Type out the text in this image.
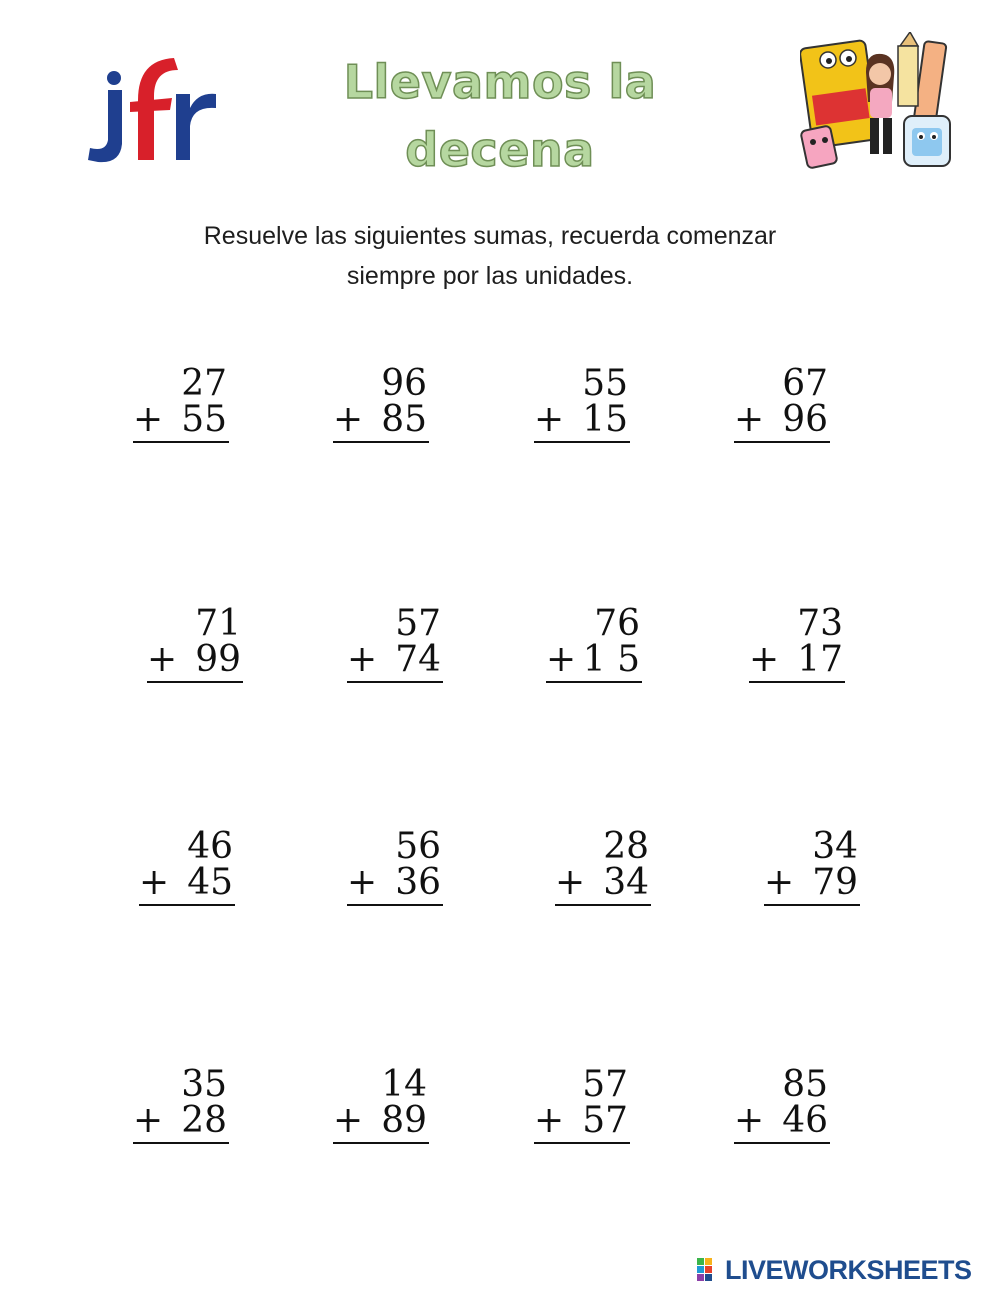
Llevamos la
decena
Resuelve las siguientes sumas, recuerda comenzar
siempre por las unidades.
27
+ 55
96
+ 85
55
+ 15
67
+ 96
71
+ 99
57
+ 74
76
+ 1 5
73
+ 17
46
+ 45
56
+ 36
28
+ 34
34
+ 79
35
+ 28
14
+ 89
57
+ 57
85
+ 46
LIVEWORKSHEETS
